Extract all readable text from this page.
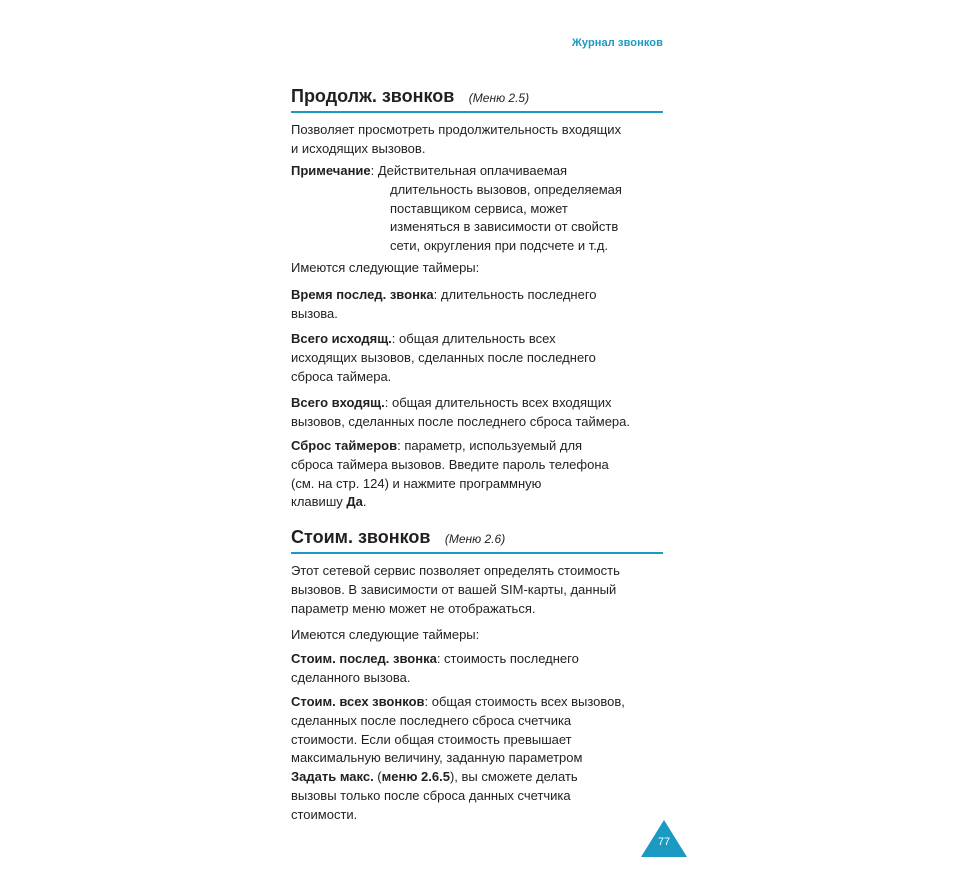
Журнал звонков
Продолж. звонков (Меню 2.5)
Позволяет просмотреть продолжительность входящих
и исходящих вызовов.
Примечание: Действительная оплачиваемая
длительность вызовов, определяемая
поставщиком сервиса, может
изменяться в зависимости от свойств
сети, округления при подсчете и т.д.
Имеются следующие таймеры:
Время послед. звонка: длительность последнего
вызова.
Всего исходящ.: общая длительность всех
исходящих вызовов, сделанных после последнего
сброса таймера.
Всего входящ.: общая длительность всех входящих
вызовов, сделанных после последнего сброса таймера.
Сброс таймеров: параметр, используемый для
сброса таймера вызовов. Введите пароль телефона
(см. на стр. 124) и нажмите программную
клавишу Да.
Стоим. звонков (Меню 2.6)
Этот сетевой сервис позволяет определять стоимость
вызовов. В зависимости от вашей SIM-карты, данный
параметр меню может не отображаться.
Имеются следующие таймеры:
Стоим. послед. звонка: стоимость последнего
сделанного вызова.
Стоим. всех звонков: общая стоимость всех вызовов,
сделанных после последнего сброса счетчика
стоимости. Если общая стоимость превышает
максимальную величину, заданную параметром
Задать макс. (меню 2.6.5), вы сможете делать
вызовы только после сброса данных счетчика
стоимости.
77
